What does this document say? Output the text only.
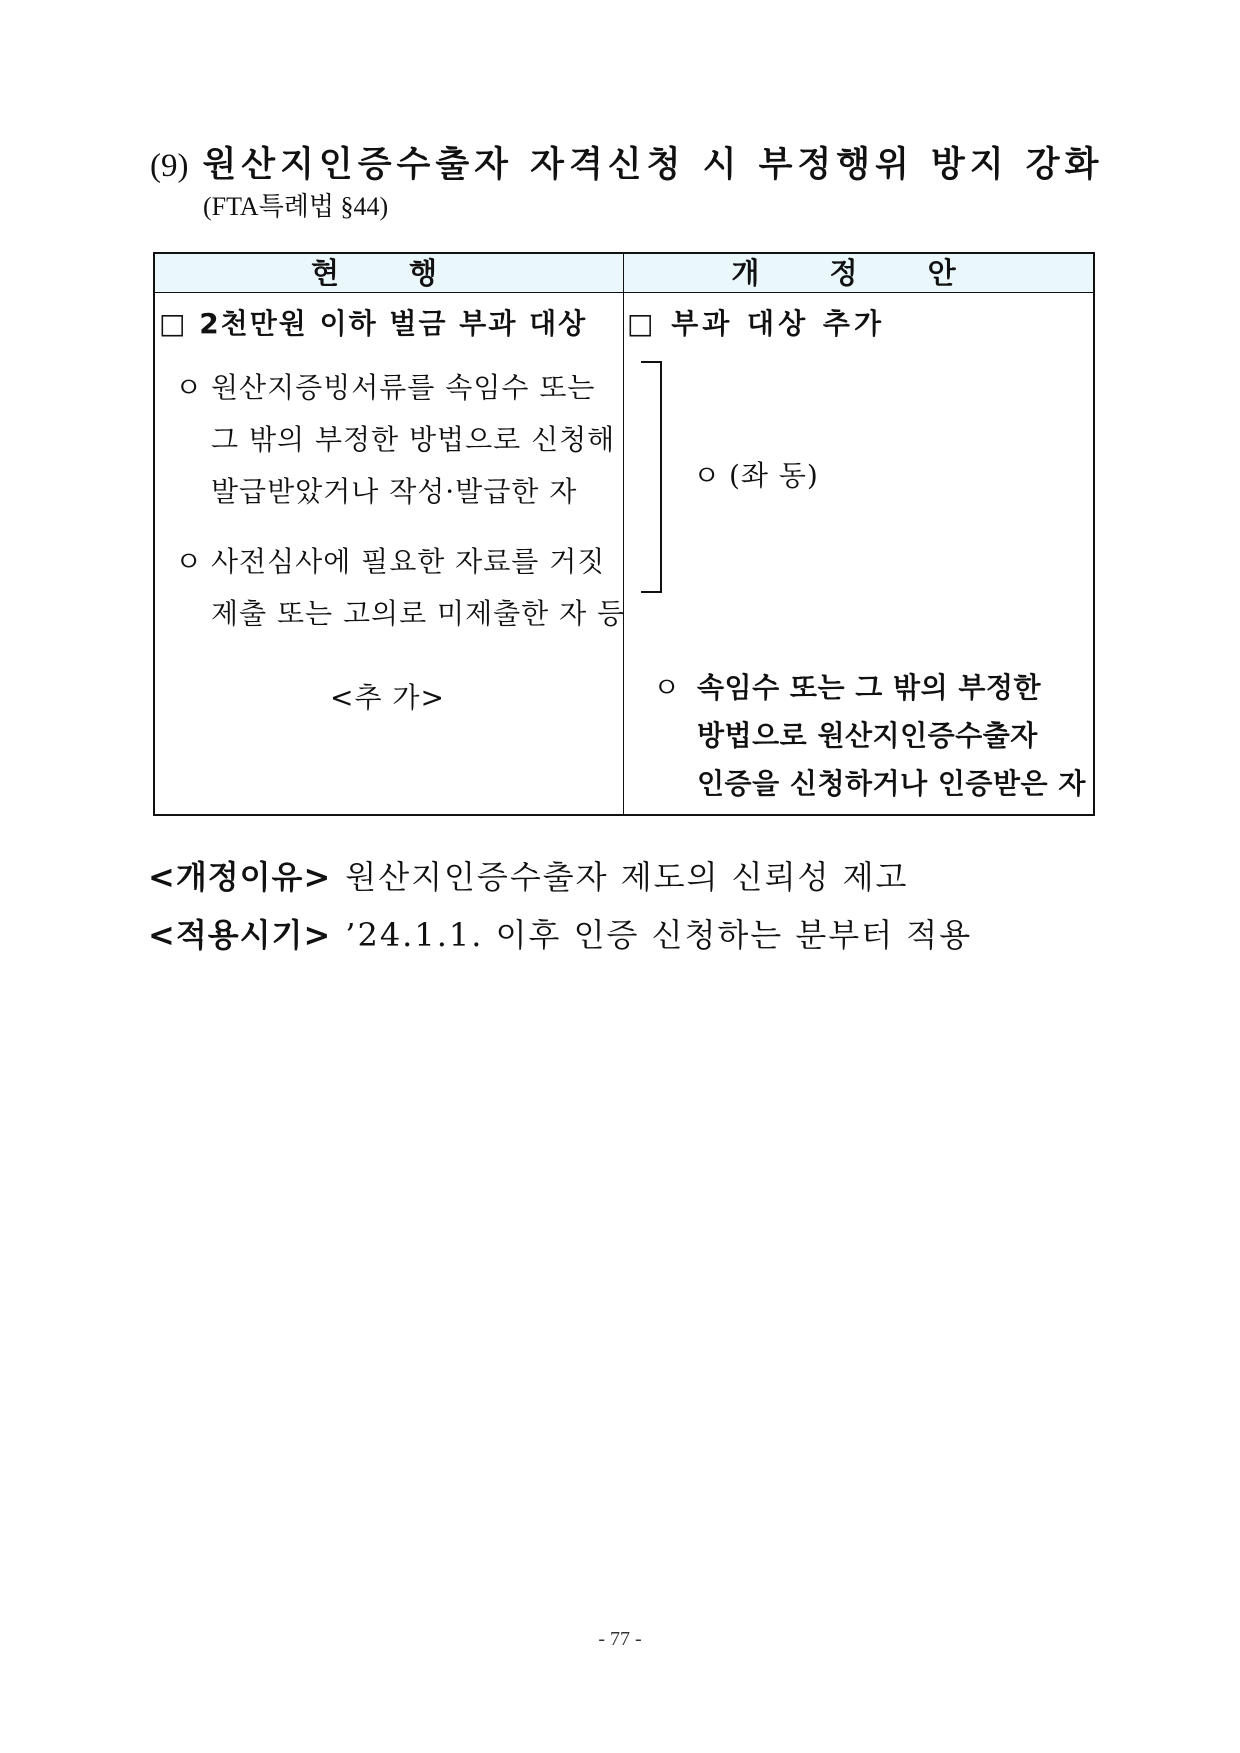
(9) 원산지인증수출자 자격신청 시 부정행위 방지 강화
(FTA특례법 §44)
현 행	개 정 안
□ 2천만원 이하 벌금 부과 대상
ㅇ 원산지증빙서류를 속임수 또는
그 밖의 부정한 방법으로 신청해
발급받았거나 작성·발급한 자
ㅇ 사전심사에 필요한 자료를 거짓
제출 또는 고의로 미제출한 자 등
<추 가>
□ 부과 대상 추가
ㅇ (좌 동)
ㅇ 속임수 또는 그 밖의 부정한
방법으로 원산지인증수출자
인증을 신청하거나 인증받은 자
<개정이유> 원산지인증수출자 제도의 신뢰성 제고
<적용시기> ’24.1.1. 이후 인증 신청하는 분부터 적용
- 77 -
